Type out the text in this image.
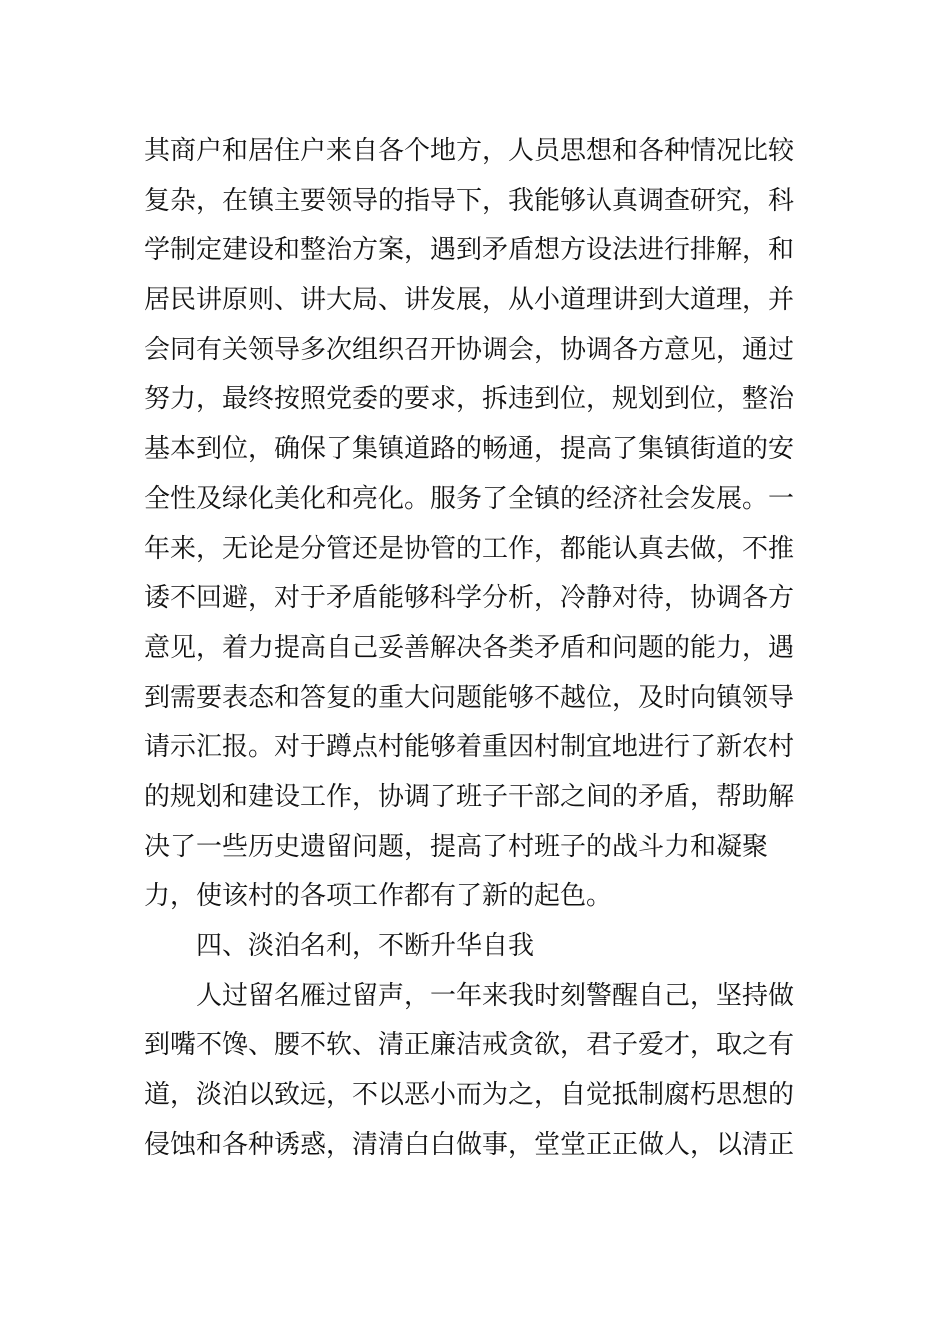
其商户和居住户来自各个地方，人员思想和各种情况比较
复杂，在镇主要领导的指导下，我能够认真调查研究，科
学制定建设和整治方案，遇到矛盾想方设法进行排解，和
居民讲原则、讲大局、讲发展，从小道理讲到大道理，并
会同有关领导多次组织召开协调会，协调各方意见，通过
努力，最终按照党委的要求，拆违到位，规划到位，整治
基本到位，确保了集镇道路的畅通，提高了集镇街道的安
全性及绿化美化和亮化。服务了全镇的经济社会发展。一
年来，无论是分管还是协管的工作，都能认真去做，不推
诿不回避，对于矛盾能够科学分析，冷静对待，协调各方
意见，着力提高自己妥善解决各类矛盾和问题的能力，遇
到需要表态和答复的重大问题能够不越位，及时向镇领导
请示汇报。对于蹲点村能够着重因村制宜地进行了新农村
的规划和建设工作，协调了班子干部之间的矛盾，帮助解
决了一些历史遗留问题，提高了村班子的战斗力和凝聚
力，使该村的各项工作都有了新的起色。
四、淡泊名利，不断升华自我
人过留名雁过留声，一年来我时刻警醒自己，坚持做
到嘴不馋、腰不软、清正廉洁戒贪欲，君子爱才，取之有
道，淡泊以致远，不以恶小而为之，自觉抵制腐朽思想的
侵蚀和各种诱惑，清清白白做事，堂堂正正做人，以清正
